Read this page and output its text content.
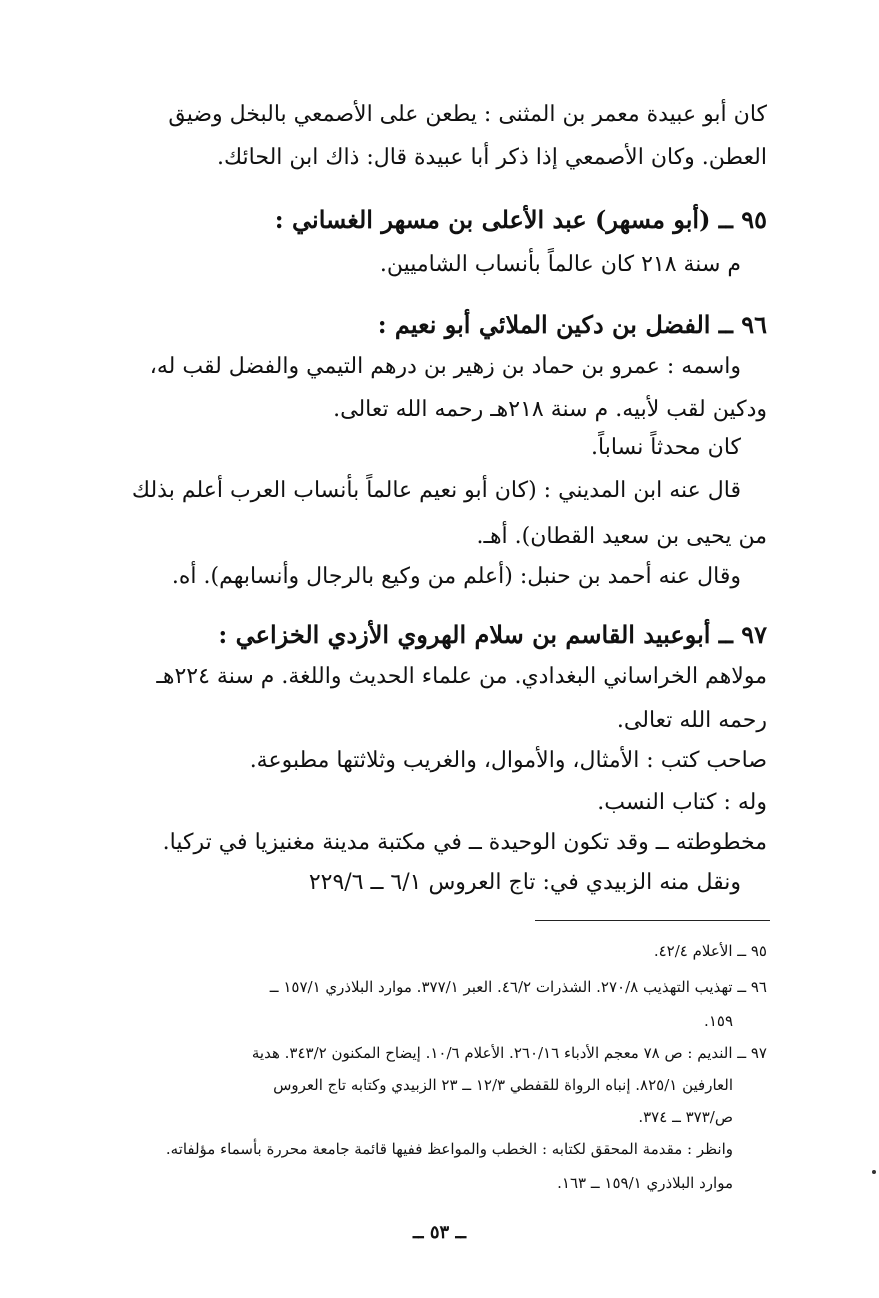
كان أبو عبيدة معمر بن المثنى : يطعن على الأصمعي بالبخل وضيق
العطن. وكان الأصمعي إذا ذكر أبا عبيدة قال: ذاك ابن الحائك.
٩٥ ــ (أبو مسهر) عبد الأعلى بن مسهر الغساني :
م سنة ٢١٨ كان عالماً بأنساب الشاميين.
٩٦ ــ الفضل بن دكين الملائي أبو نعيم :
واسمه : عمرو بن حماد بن زهير بن درهم التيمي والفضل لقب له،
ودكين لقب لأبيه. م سنة ٢١٨هـ رحمه الله تعالى.
كان محدثاً نساباً.
قال عنه ابن المديني : (كان أبو نعيم عالماً بأنساب العرب أعلم بذلك
من يحيى بن سعيد القطان). أهـ.
وقال عنه أحمد بن حنبل: (أعلم من وكيع بالرجال وأنسابهم). أه.
٩٧ ــ أبوعبيد القاسم بن سلام الهروي الأزدي الخزاعي :
مولاهم الخراساني البغدادي. من علماء الحديث واللغة. م سنة ٢٢٤هـ
رحمه الله تعالى.
صاحب كتب : الأمثال، والأموال، والغريب وثلاثتها مطبوعة.
وله : كتاب النسب.
مخطوطته ــ وقد تكون الوحيدة ــ في مكتبة مدينة مغنيزيا في تركيا.
ونقل منه الزبيدي في: تاج العروس ٦/١ ــ ٢٢٩/٦
٩٥ ــ الأعلام ٤٢/٤.
٩٦ ــ تهذيب التهذيب ٢٧٠/٨. الشذرات ٤٦/٢. العبر ٣٧٧/١. موارد البلاذري ١٥٧/١ ــ
١٥٩.
٩٧ ــ النديم : ص ٧٨ معجم الأدباء ٢٦٠/١٦. الأعلام ١٠/٦. إيضاح المكنون ٣٤٣/٢. هدية
العارفين ٨٢٥/١. إنباه الرواة للقفطي ١٢/٣ ــ ٢٣ الزبيدي وكتابه تاج العروس
ص/٣٧٣ ــ ٣٧٤.
وانظر : مقدمة المحقق لكتابه : الخطب والمواعظ ففيها قائمة جامعة محررة بأسماء مؤلفاته.
موارد البلاذري ١٥٩/١ ــ ١٦٣.
ــ ٥٣ ــ
